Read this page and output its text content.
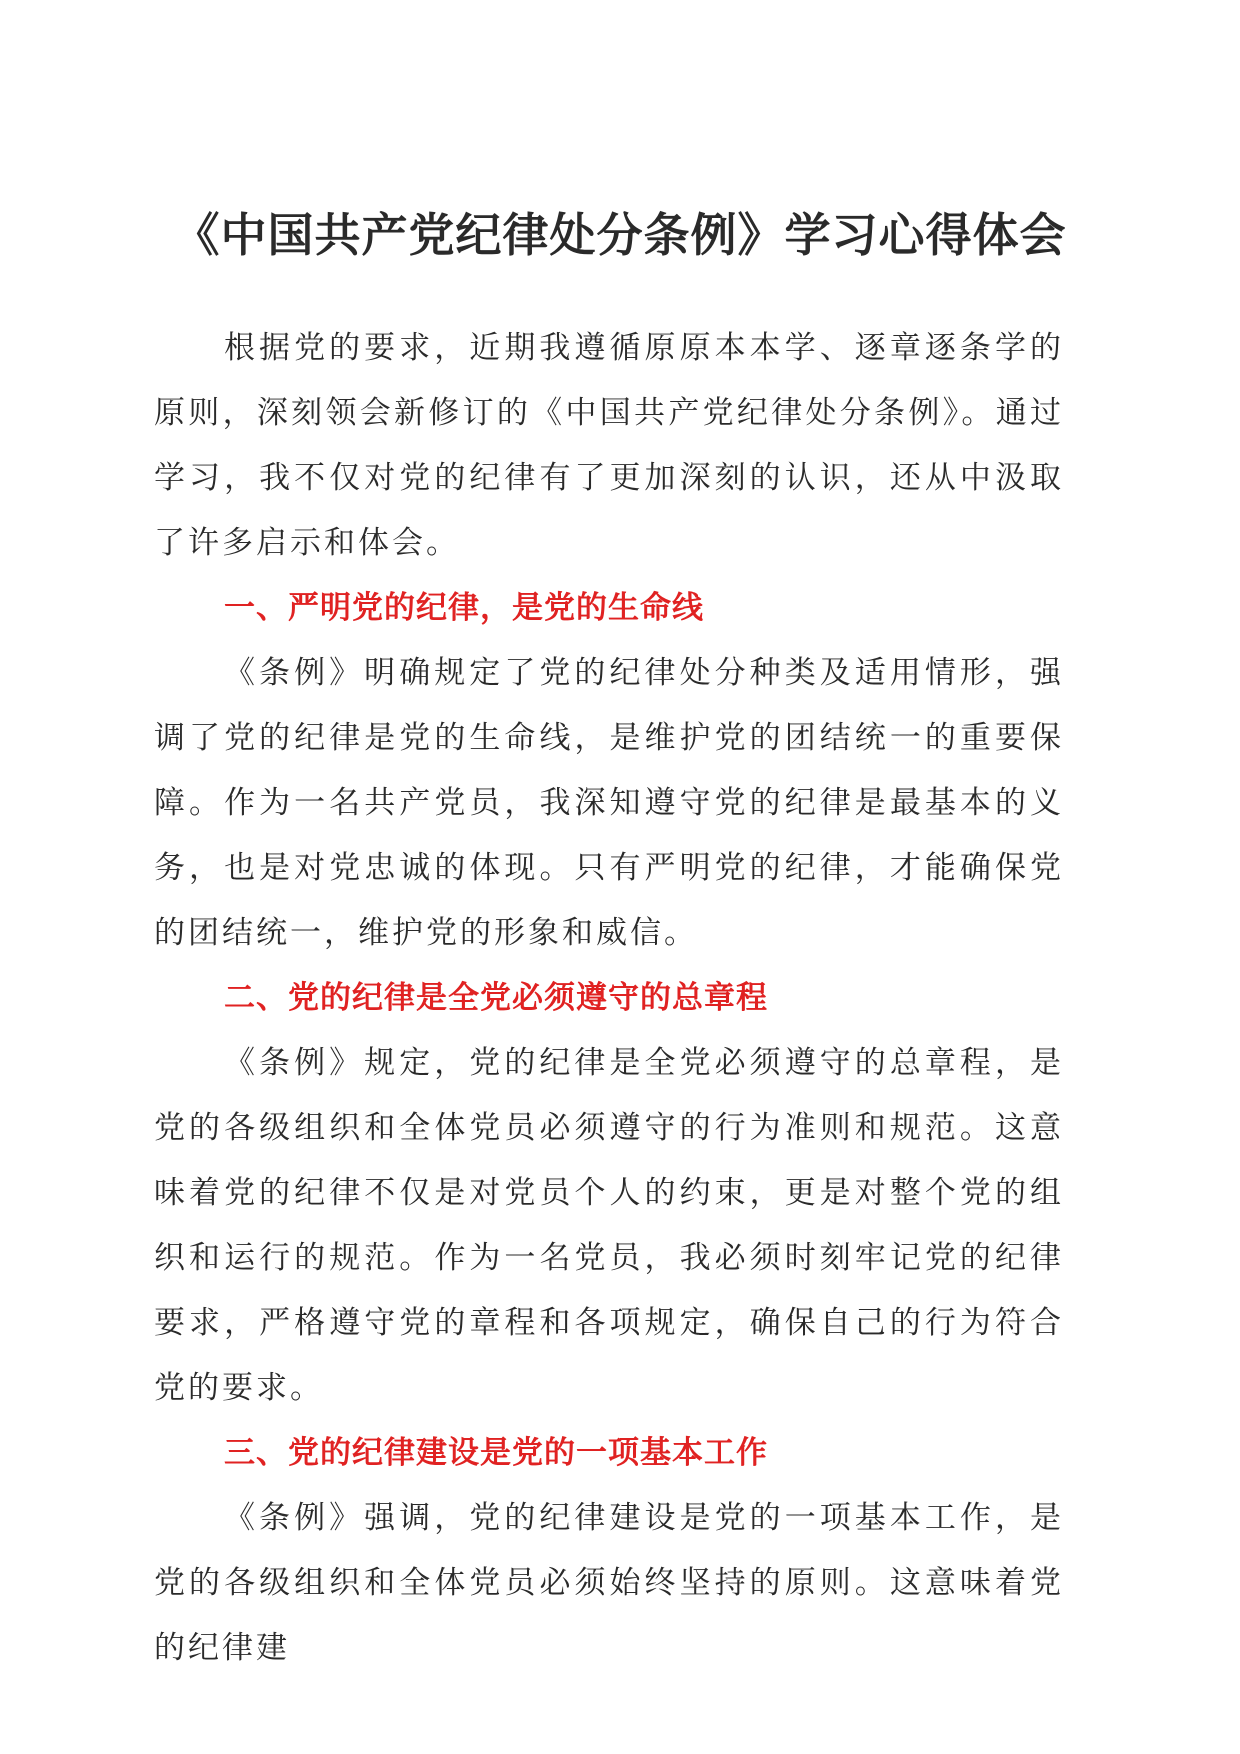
《中国共产党纪律处分条例》学习心得体会

根据党的要求，近期我遵循原原本本学、逐章逐条学的原则，深刻领会新修订的《中国共产党纪律处分条例》。通过学习，我不仅对党的纪律有了更加深刻的认识，还从中汲取了许多启示和体会。

一、严明党的纪律，是党的生命线

《条例》明确规定了党的纪律处分种类及适用情形，强调了党的纪律是党的生命线，是维护党的团结统一的重要保障。作为一名共产党员，我深知遵守党的纪律是最基本的义务，也是对党忠诚的体现。只有严明党的纪律，才能确保党的团结统一，维护党的形象和威信。

二、党的纪律是全党必须遵守的总章程

《条例》规定，党的纪律是全党必须遵守的总章程，是党的各级组织和全体党员必须遵守的行为准则和规范。这意味着党的纪律不仅是对党员个人的约束，更是对整个党的组织和运行的规范。作为一名党员，我必须时刻牢记党的纪律要求，严格遵守党的章程和各项规定，确保自己的行为符合党的要求。

三、党的纪律建设是党的一项基本工作

《条例》强调，党的纪律建设是党的一项基本工作，是党的各级组织和全体党员必须始终坚持的原则。这意味着党的纪律建
